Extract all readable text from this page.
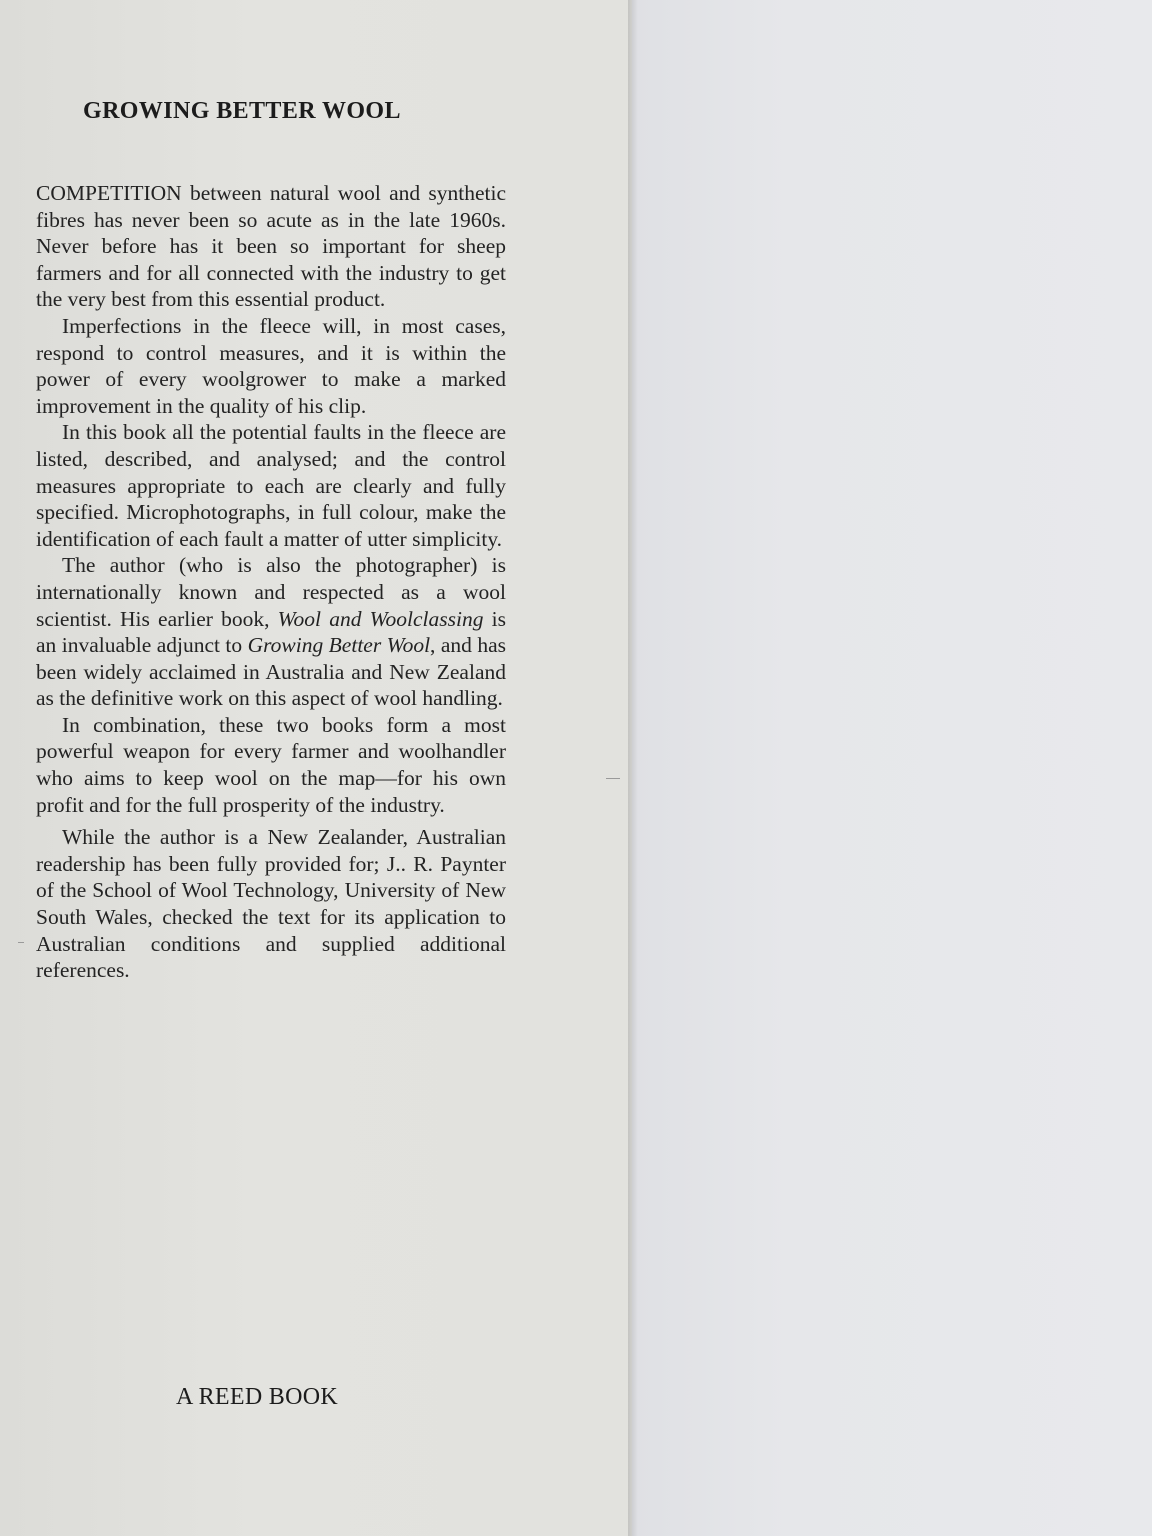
GROWING BETTER WOOL

COMPETITION between natural wool and synthetic fibres has never been so acute as in the late 1960s. Never before has it been so important for sheep farmers and for all connected with the industry to get the very best from this essential product.

Imperfections in the fleece will, in most cases, respond to control measures, and it is within the power of every woolgrower to make a marked improvement in the quality of his clip.

In this book all the potential faults in the fleece are listed, described, and analysed; and the control measures appropriate to each are clearly and fully specified. Microphotographs, in full colour, make the identification of each fault a matter of utter simplicity.

The author (who is also the photographer) is internationally known and respected as a wool scientist. His earlier book, Wool and Woolclassing is an invaluable adjunct to Growing Better Wool, and has been widely acclaimed in Australia and New Zealand as the definitive work on this aspect of wool handling.

In combination, these two books form a most powerful weapon for every farmer and woolhandler who aims to keep wool on the map—for his own profit and for the full prosperity of the industry.

While the author is a New Zealander, Australian readership has been fully provided for; J.. R. Paynter of the School of Wool Technology, University of New South Wales, checked the text for its application to Australian conditions and supplied additional references.

A REED BOOK
